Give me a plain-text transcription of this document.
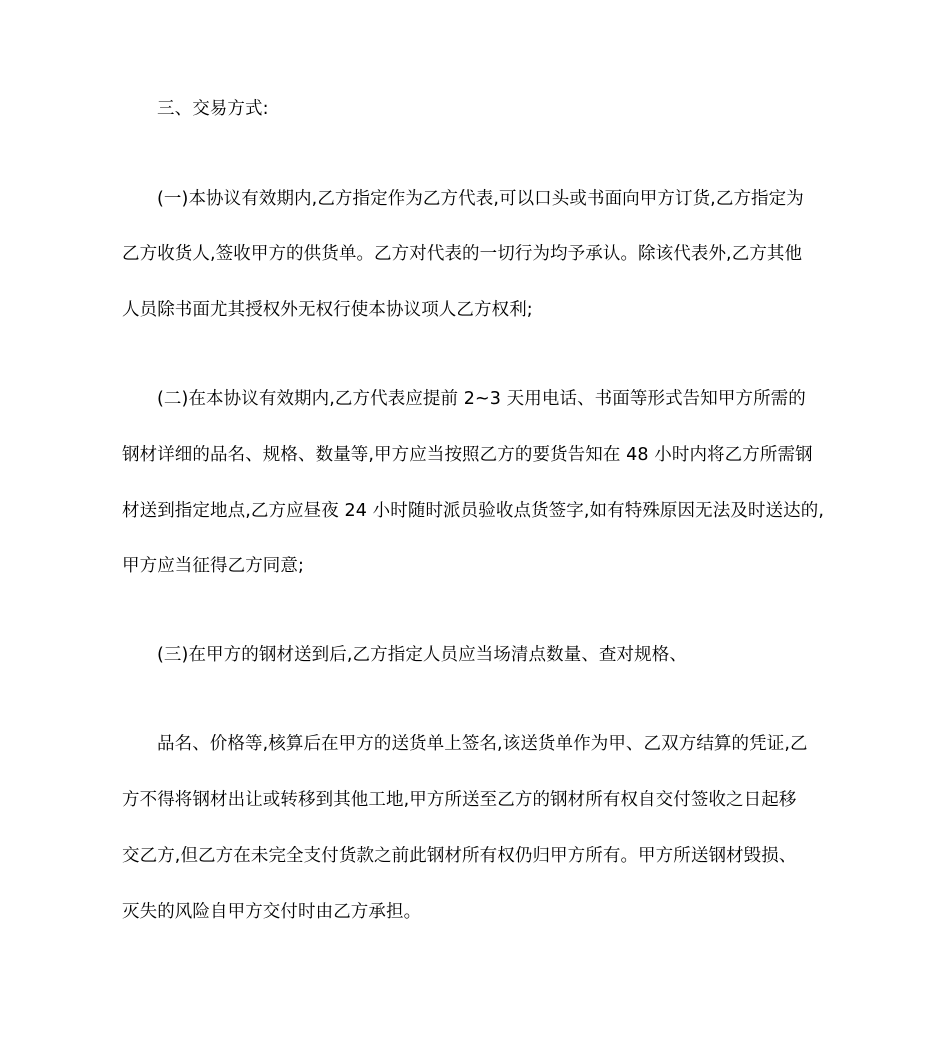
三、交易方式:

(一)本协议有效期内,乙方指定作为乙方代表,可以口头或书面向甲方订货,乙方指定为

乙方收货人,签收甲方的供货单。乙方对代表的一切行为均予承认。除该代表外,乙方其他

人员除书面尤其授权外无权行使本协议项人乙方权利;

(二)在本协议有效期内,乙方代表应提前 2~3 天用电话、书面等形式告知甲方所需的

钢材详细的品名、规格、数量等,甲方应当按照乙方的要货告知在 48 小时内将乙方所需钢

材送到指定地点,乙方应昼夜 24 小时随时派员验收点货签字,如有特殊原因无法及时送达的,

甲方应当征得乙方同意;

(三)在甲方的钢材送到后,乙方指定人员应当场清点数量、查对规格、

品名、价格等,核算后在甲方的送货单上签名,该送货单作为甲、乙双方结算的凭证,乙

方不得将钢材出让或转移到其他工地,甲方所送至乙方的钢材所有权自交付签收之日起移

交乙方,但乙方在未完全支付货款之前此钢材所有权仍归甲方所有。甲方所送钢材毁损、

灭失的风险自甲方交付时由乙方承担。
